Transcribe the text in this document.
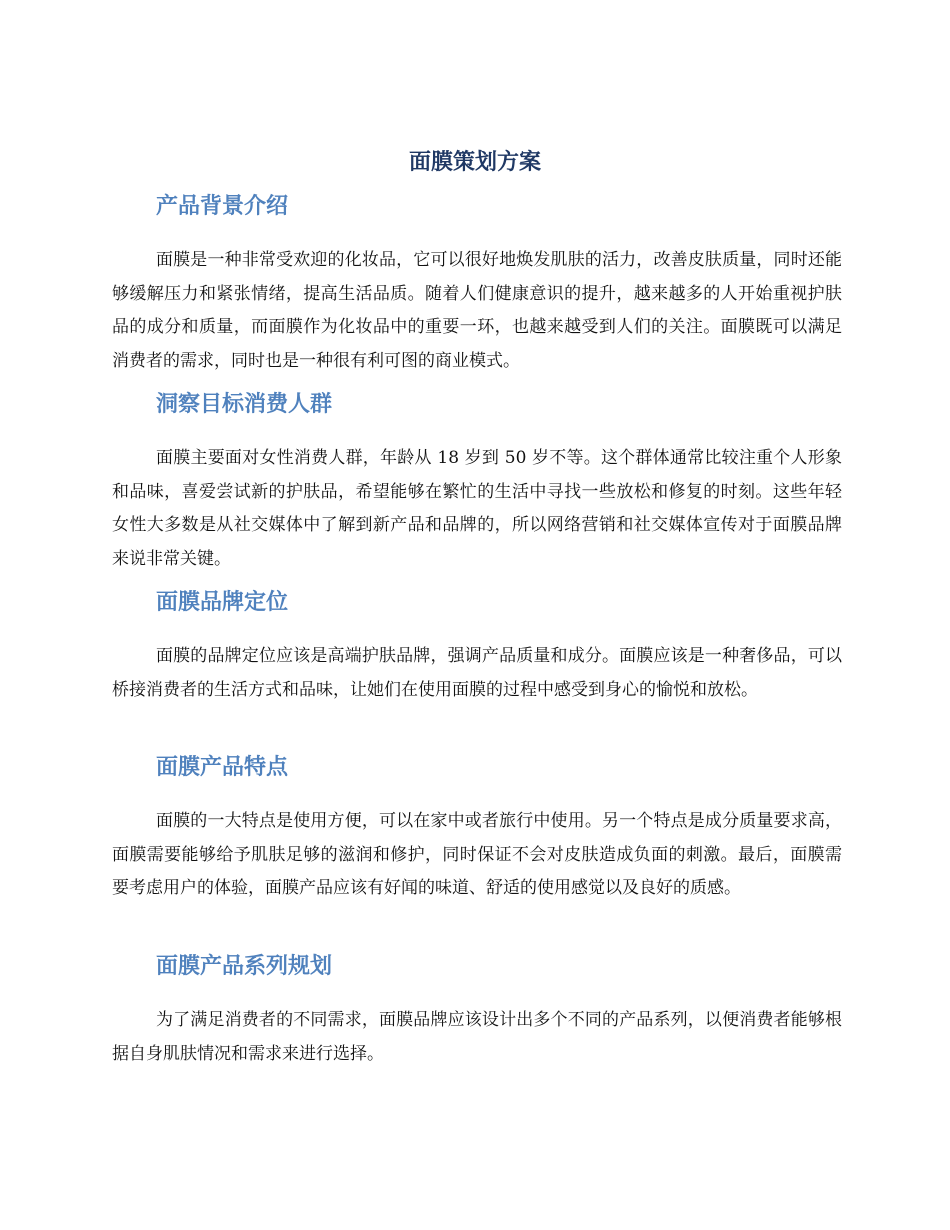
面膜策划方案
产品背景介绍

面膜是一种非常受欢迎的化妆品，它可以很好地焕发肌肤的活力，改善皮肤质量，同时还能够缓解压力和紧张情绪，提高生活品质。随着人们健康意识的提升，越来越多的人开始重视护肤品的成分和质量，而面膜作为化妆品中的重要一环，也越来越受到人们的关注。面膜既可以满足消费者的需求，同时也是一种很有利可图的商业模式。

洞察目标消费人群

面膜主要面对女性消费人群，年龄从 18 岁到 50 岁不等。这个群体通常比较注重个人形象和品味，喜爱尝试新的护肤品，希望能够在繁忙的生活中寻找一些放松和修复的时刻。这些年轻女性大多数是从社交媒体中了解到新产品和品牌的，所以网络营销和社交媒体宣传对于面膜品牌来说非常关键。

面膜品牌定位

面膜的品牌定位应该是高端护肤品牌，强调产品质量和成分。面膜应该是一种奢侈品，可以桥接消费者的生活方式和品味，让她们在使用面膜的过程中感受到身心的愉悦和放松。

面膜产品特点

面膜的一大特点是使用方便，可以在家中或者旅行中使用。另一个特点是成分质量要求高，面膜需要能够给予肌肤足够的滋润和修护，同时保证不会对皮肤造成负面的刺激。最后，面膜需要考虑用户的体验，面膜产品应该有好闻的味道、舒适的使用感觉以及良好的质感。

面膜产品系列规划

为了满足消费者的不同需求，面膜品牌应该设计出多个不同的产品系列，以便消费者能够根据自身肌肤情况和需求来进行选择。
